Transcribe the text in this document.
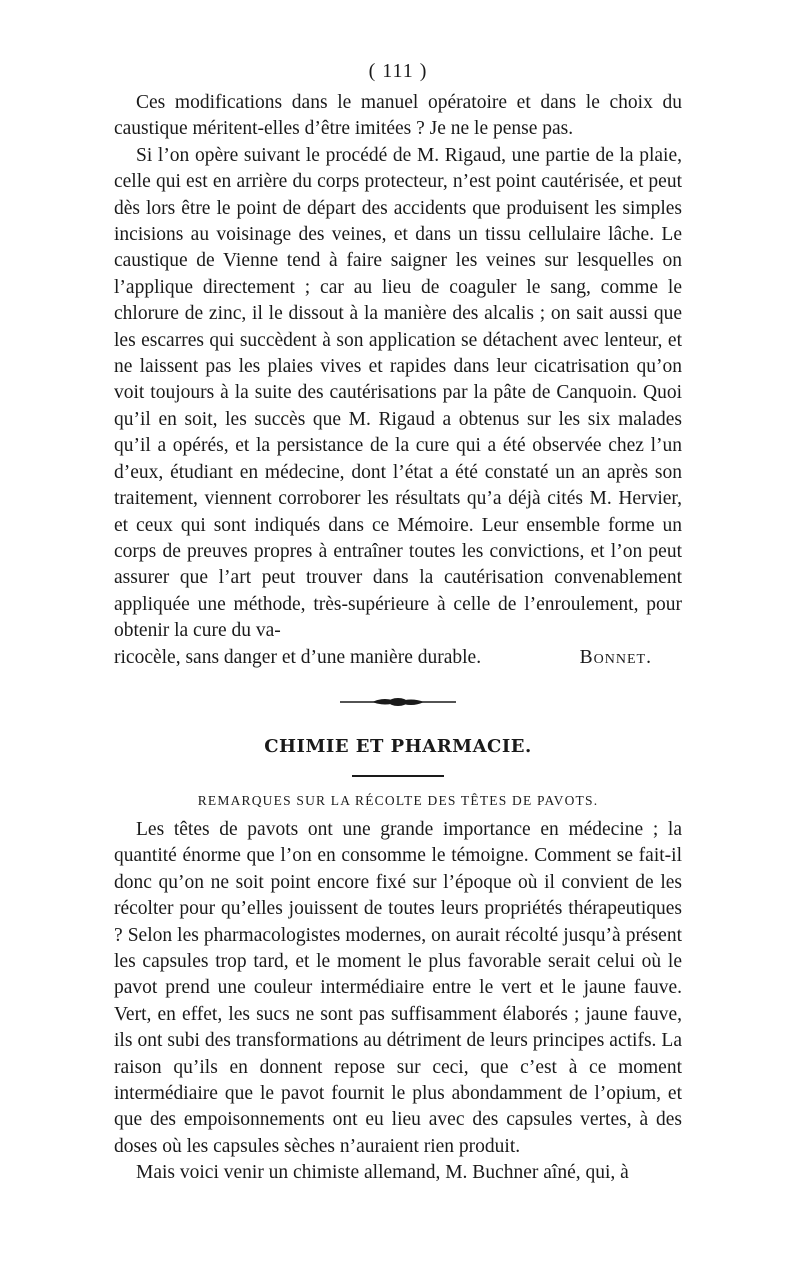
( 111 )

Ces modifications dans le manuel opératoire et dans le choix du caustique méritent-elles d’être imitées ? Je ne le pense pas.

Si l’on opère suivant le procédé de M. Rigaud, une partie de la plaie, celle qui est en arrière du corps protecteur, n’est point cautérisée, et peut dès lors être le point de départ des accidents que produisent les simples incisions au voisinage des veines, et dans un tissu cellulaire lâche. Le caustique de Vienne tend à faire saigner les veines sur lesquelles on l’applique directement ; car au lieu de coaguler le sang, comme le chlorure de zinc, il le dissout à la manière des alcalis ; on sait aussi que les escarres qui succèdent à son application se détachent avec lenteur, et ne laissent pas les plaies vives et rapides dans leur cicatrisation qu’on voit toujours à la suite des cautérisations par la pâte de Canquoin. Quoi qu’il en soit, les succès que M. Rigaud a obtenus sur les six malades qu’il a opérés, et la persistance de la cure qui a été observée chez l’un d’eux, étudiant en médecine, dont l’état a été constaté un an après son traitement, viennent corroborer les résultats qu’a déjà cités M. Hervier, et ceux qui sont indiqués dans ce Mémoire. Leur ensemble forme un corps de preuves propres à entraîner toutes les convictions, et l’on peut assurer que l’art peut trouver dans la cautérisation convenablement appliquée une méthode, très-supérieure à celle de l’enroulement, pour obtenir la cure du va-

ricocèle, sans danger et d’une manière durable.	Bonnet.
CHIMIE ET PHARMACIE.
REMARQUES SUR LA RÉCOLTE DES TÊTES DE PAVOTS.

Les têtes de pavots ont une grande importance en médecine ; la quantité énorme que l’on en consomme le témoigne. Comment se fait-il donc qu’on ne soit point encore fixé sur l’époque où il convient de les récolter pour qu’elles jouissent de toutes leurs propriétés thérapeutiques ? Selon les pharmacologistes modernes, on aurait récolté jusqu’à présent les capsules trop tard, et le moment le plus favorable serait celui où le pavot prend une couleur intermédiaire entre le vert et le jaune fauve. Vert, en effet, les sucs ne sont pas suffisamment élaborés ; jaune fauve, ils ont subi des transformations au détriment de leurs principes actifs. La raison qu’ils en donnent repose sur ceci, que c’est à ce moment intermédiaire que le pavot fournit le plus abondamment de l’opium, et que des empoisonnements ont eu lieu avec des capsules vertes, à des doses où les capsules sèches n’auraient rien produit.

Mais voici venir un chimiste allemand, M. Buchner aîné, qui, à
